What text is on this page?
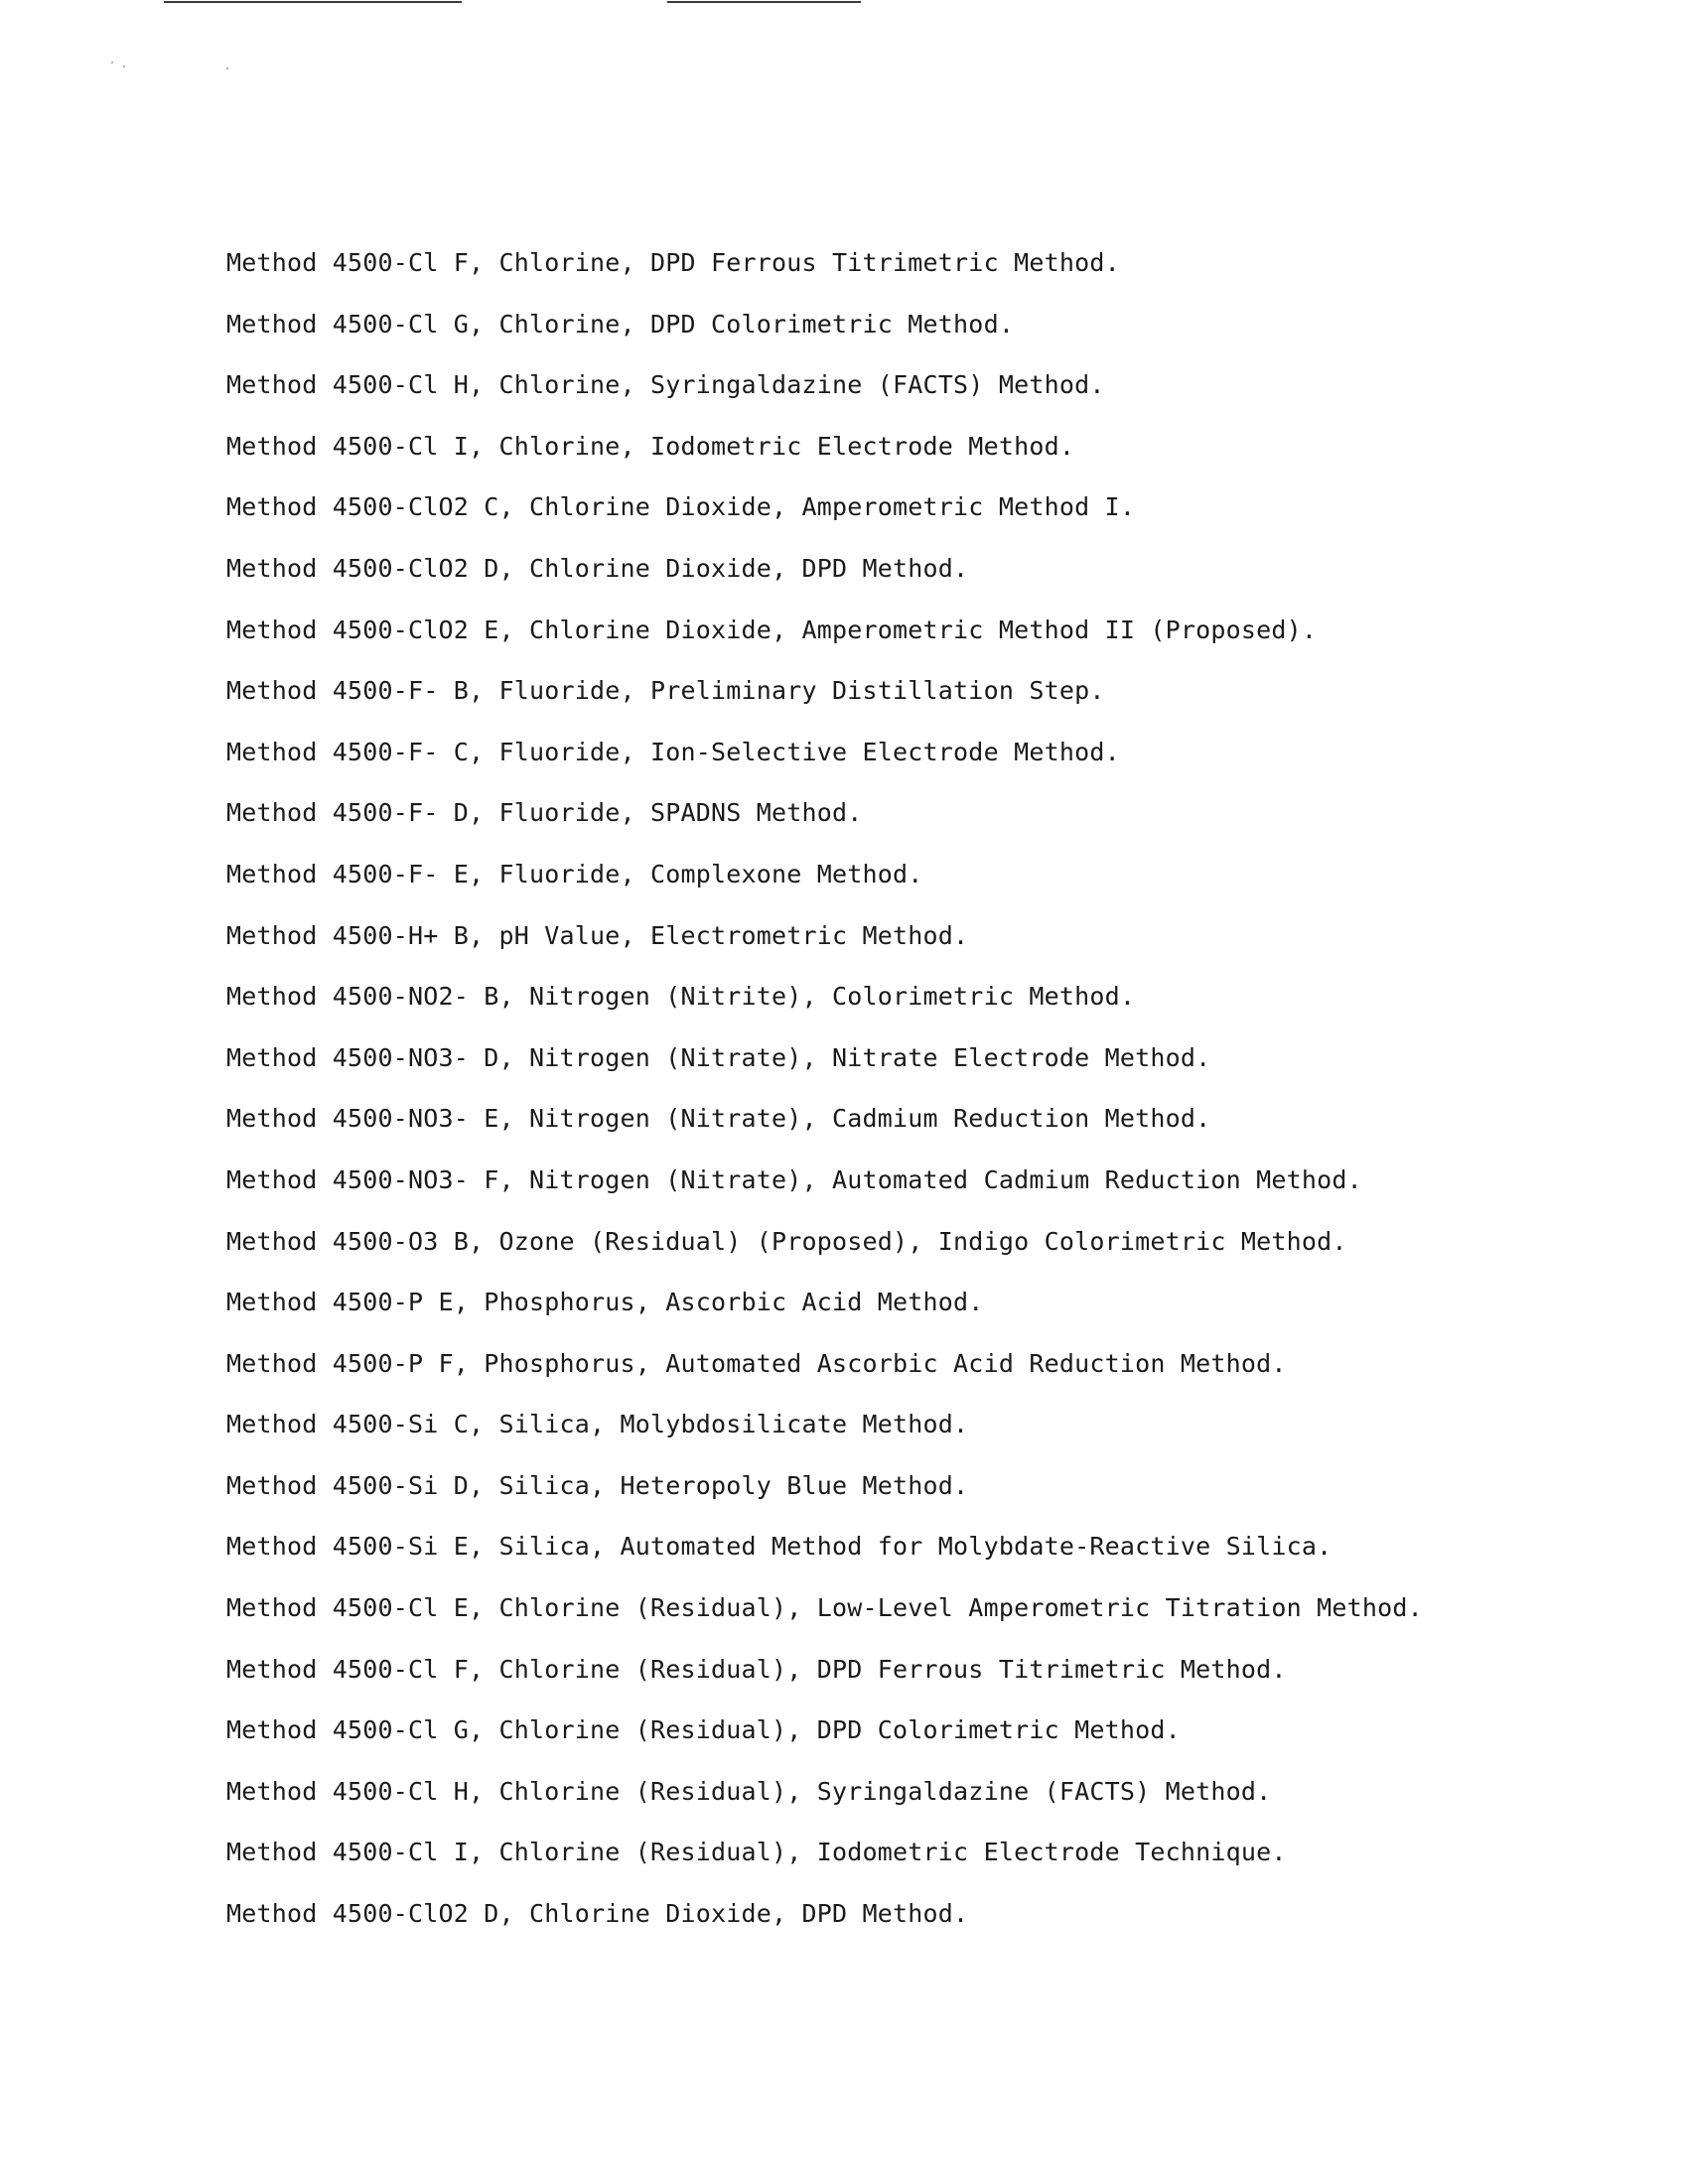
Method 4500-Cl F, Chlorine, DPD Ferrous Titrimetric Method.
Method 4500-Cl G, Chlorine, DPD Colorimetric Method.
Method 4500-Cl H, Chlorine, Syringaldazine (FACTS) Method.
Method 4500-Cl I, Chlorine, Iodometric Electrode Method.
Method 4500-ClO2 C, Chlorine Dioxide, Amperometric Method I.
Method 4500-ClO2 D, Chlorine Dioxide, DPD Method.
Method 4500-ClO2 E, Chlorine Dioxide, Amperometric Method II (Proposed).
Method 4500-F- B, Fluoride, Preliminary Distillation Step.
Method 4500-F- C, Fluoride, Ion-Selective Electrode Method.
Method 4500-F- D, Fluoride, SPADNS Method.
Method 4500-F- E, Fluoride, Complexone Method.
Method 4500-H+ B, pH Value, Electrometric Method.
Method 4500-NO2- B, Nitrogen (Nitrite), Colorimetric Method.
Method 4500-NO3- D, Nitrogen (Nitrate), Nitrate Electrode Method.
Method 4500-NO3- E, Nitrogen (Nitrate), Cadmium Reduction Method.
Method 4500-NO3- F, Nitrogen (Nitrate), Automated Cadmium Reduction Method.
Method 4500-O3 B, Ozone (Residual) (Proposed), Indigo Colorimetric Method.
Method 4500-P E, Phosphorus, Ascorbic Acid Method.
Method 4500-P F, Phosphorus, Automated Ascorbic Acid Reduction Method.
Method 4500-Si C, Silica, Molybdosilicate Method.
Method 4500-Si D, Silica, Heteropoly Blue Method.
Method 4500-Si E, Silica, Automated Method for Molybdate-Reactive Silica.
Method 4500-Cl E, Chlorine (Residual), Low-Level Amperometric Titration Method.
Method 4500-Cl F, Chlorine (Residual), DPD Ferrous Titrimetric Method.
Method 4500-Cl G, Chlorine (Residual), DPD Colorimetric Method.
Method 4500-Cl H, Chlorine (Residual), Syringaldazine (FACTS) Method.
Method 4500-Cl I, Chlorine (Residual), Iodometric Electrode Technique.
Method 4500-ClO2 D, Chlorine Dioxide, DPD Method.
